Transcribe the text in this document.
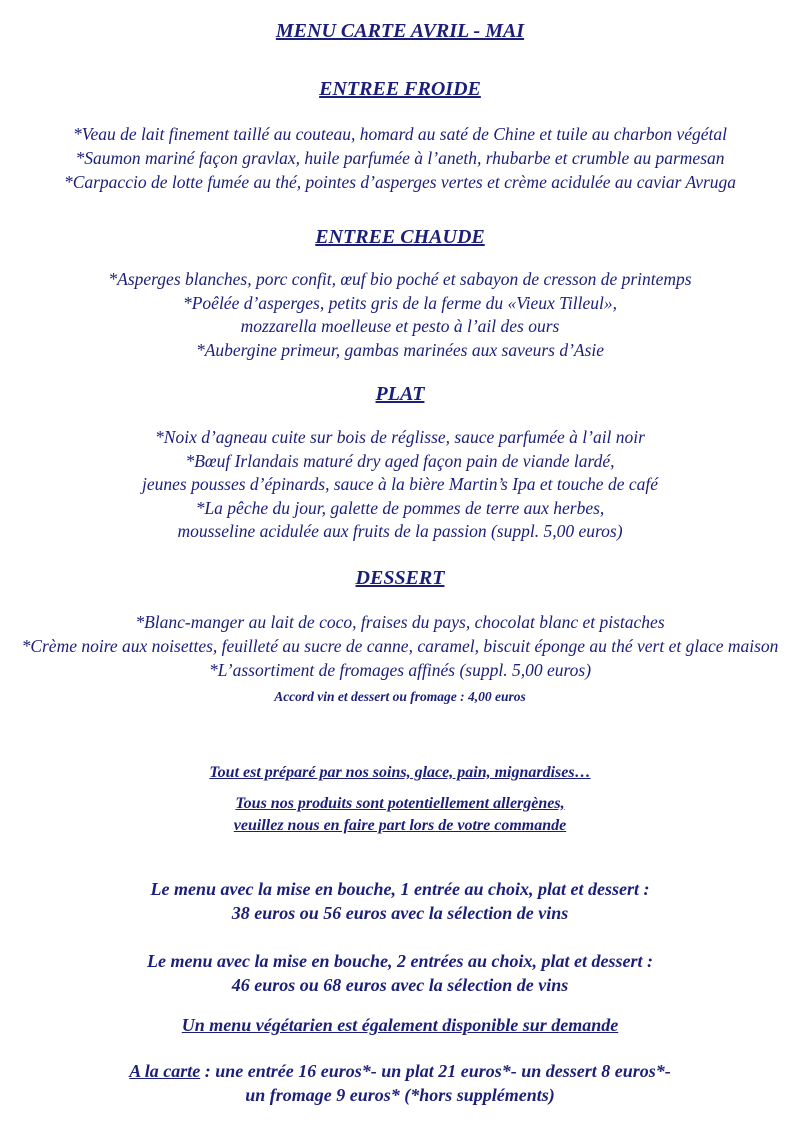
MENU CARTE AVRIL - MAI
ENTREE FROIDE
*Veau de lait finement taillé au couteau, homard au saté de Chine et tuile au charbon végétal
*Saumon mariné façon gravlax, huile parfumée à l’aneth, rhubarbe et crumble au parmesan
*Carpaccio de lotte fumée au thé, pointes d’asperges vertes et crème acidulée au caviar Avruga
ENTREE CHAUDE
*Asperges blanches, porc confit, œuf bio poché et sabayon de cresson de printemps
*Poêlée d’asperges, petits gris de la ferme du «Vieux Tilleul»,
mozzarella moelleuse et pesto à l’ail des ours
*Aubergine primeur, gambas marinées aux saveurs d’Asie
PLAT
*Noix d’agneau cuite sur bois de réglisse, sauce parfumée à l’ail noir
*Bœuf Irlandais maturé dry aged façon pain de viande lardé,
jeunes pousses d’épinards, sauce à la bière Martin’s Ipa et touche de café
*La pêche du jour, galette de pommes de terre aux herbes,
mousseline acidulée aux fruits de la passion (suppl. 5,00 euros)
DESSERT
*Blanc-manger au lait de coco, fraises du pays, chocolat blanc et pistaches
*Crème noire aux noisettes, feuilleté au sucre de canne, caramel, biscuit éponge au thé vert et glace maison
*L’assortiment de fromages affinés (suppl. 5,00 euros)
Accord vin et dessert ou fromage : 4,00 euros
Tout est préparé par nos soins, glace, pain, mignardises…
Tous nos produits sont potentiellement allergènes,
veuillez nous en faire part lors de votre commande
Le menu avec la mise en bouche, 1 entrée au choix, plat et dessert :
38 euros ou 56 euros avec la sélection de vins
Le menu avec la mise en bouche, 2 entrées au choix, plat et dessert :
46 euros ou 68 euros avec la sélection de vins
Un menu végétarien est également disponible sur demande
A la carte : une entrée 16 euros*- un plat 21 euros*- un dessert 8 euros*-
un fromage 9 euros* (*hors suppléments)
